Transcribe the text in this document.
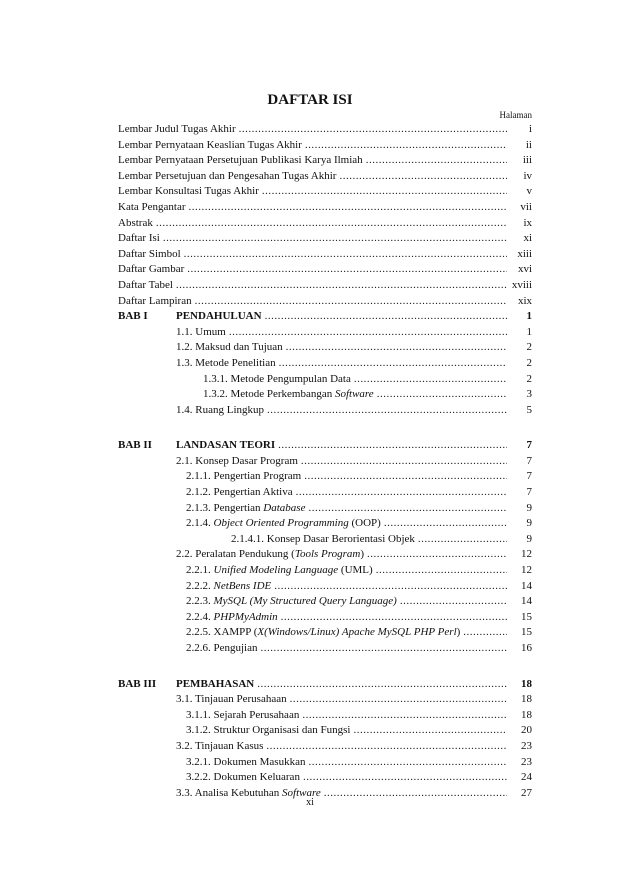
DAFTAR ISI
Halaman
Lembar Judul Tugas Akhir .....	i
Lembar Pernyataan Keaslian Tugas Akhir .....	ii
Lembar Pernyataan Persetujuan Publikasi Karya Ilmiah .....	iii
Lembar Persetujuan dan Pengesahan Tugas Akhir .....	iv
Lembar Konsultasi Tugas Akhir .....	v
Kata Pengantar .....	vii
Abstrak .....	ix
Daftar Isi .....	xi
Daftar Simbol .....	xiii
Daftar Gambar .....	xvi
Daftar Tabel .....	xviii
Daftar Lampiran .....	xix
BAB I	PENDAHULUAN .....	1
1.1. Umum .....	1
1.2. Maksud dan Tujuan .....	2
1.3. Metode Penelitian .....	2
1.3.1. Metode Pengumpulan Data .....	2
1.3.2. Metode Perkembangan Software .....	3
1.4. Ruang Lingkup .....	5
BAB II LANDASAN TEORI .....	7
2.1. Konsep Dasar Program .....	7
2.1.1. Pengertian Program .....	7
2.1.2. Pengertian Aktiva .....	7
2.1.3. Pengertian Database .....	9
2.1.4. Object Oriented Programming (OOP) .....	9
2.1.4.1. Konsep Dasar Berorientasi Objek .....	9
2.2. Peralatan Pendukung (Tools Program) .....	12
2.2.1. Unified Modeling Language (UML) .....	12
2.2.2. NetBens IDE .....	14
2.2.3. MySQL (My Structured Query Language) .....	14
2.2.4. PHPMyAdmin .....	15
2.2.5. XAMPP (X(Windows/Linux) Apache MySQL PHP Perl) .....	15
2.2.6. Pengujian .....	16
BAB III PEMBAHASAN .....	18
3.1. Tinjauan Perusahaan .....	18
3.1.1. Sejarah Perusahaan .....	18
3.1.2. Struktur Organisasi dan Fungsi .....	20
3.2. Tinjauan Kasus .....	23
3.2.1. Dokumen Masukkan .....	23
3.2.2. Dokumen Keluaran .....	24
3.3. Analisa Kebutuhan Software .....	27
xi
